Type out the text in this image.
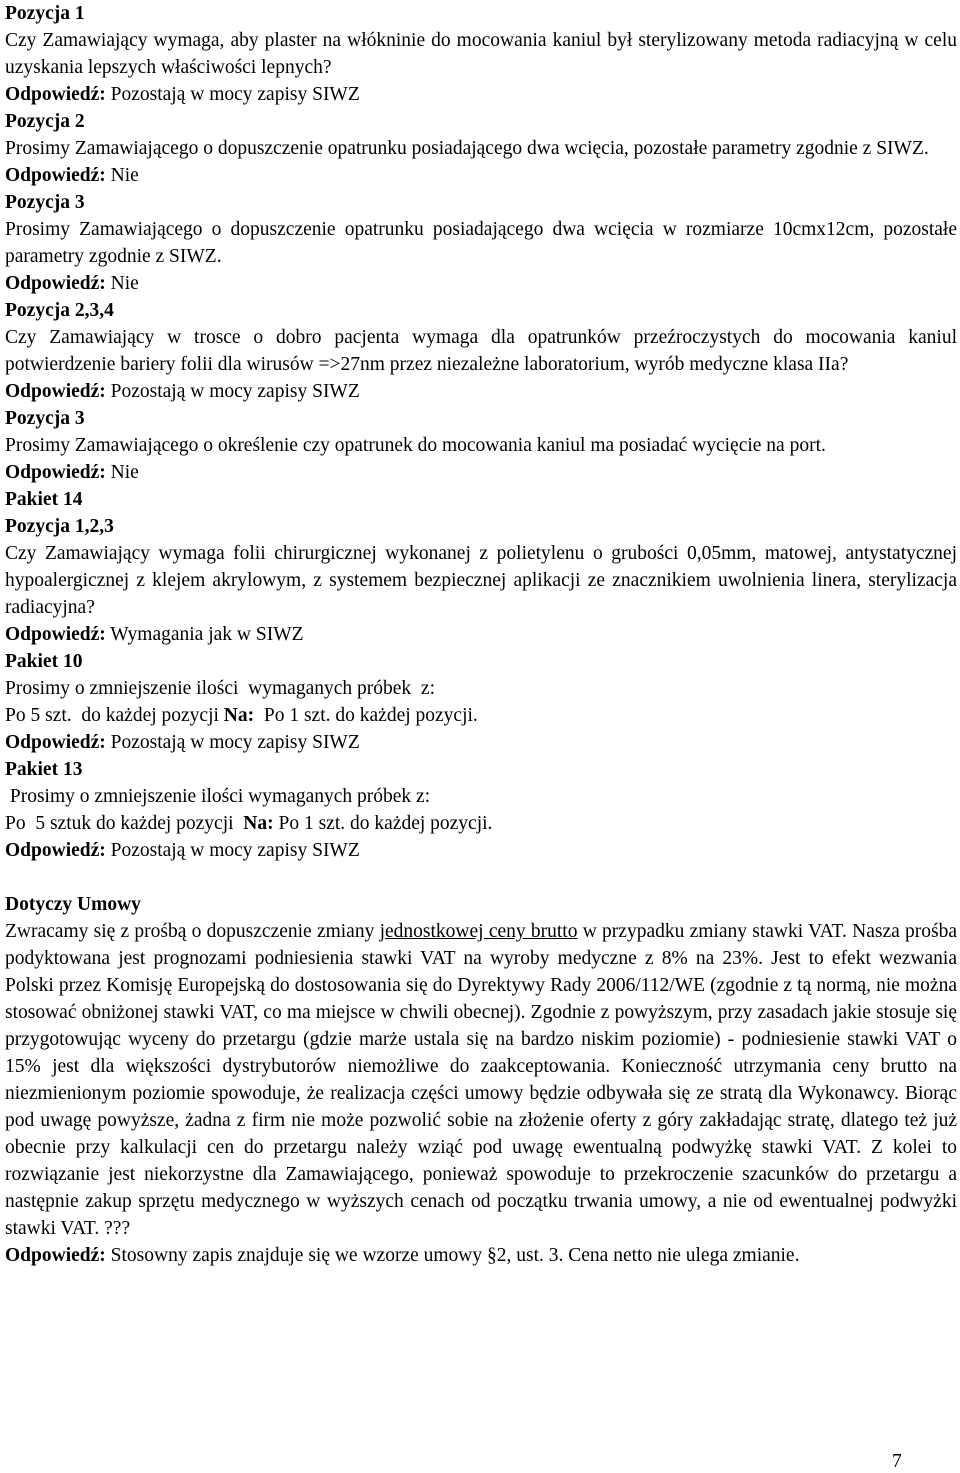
Pozycja 1
Czy Zamawiający wymaga, aby plaster na włókninie do mocowania kaniul był sterylizowany metoda radiacyjną w celu uzyskania lepszych właściwości lepnych?
Odpowiedź: Pozostają w mocy zapisy SIWZ
Pozycja 2
Prosimy Zamawiającego o dopuszczenie opatrunku posiadającego dwa wcięcia, pozostałe parametry zgodnie z SIWZ.
Odpowiedź: Nie
Pozycja 3
Prosimy Zamawiającego o dopuszczenie opatrunku posiadającego dwa wcięcia w rozmiarze 10cmx12cm, pozostałe parametry zgodnie z SIWZ.
Odpowiedź: Nie
Pozycja 2,3,4
Czy Zamawiający w trosce o dobro pacjenta wymaga dla opatrunków przeźroczystych do mocowania kaniul potwierdzenie bariery folii dla wirusów =>27nm przez niezależne laboratorium, wyrób medyczne klasa IIa?
Odpowiedź: Pozostają w mocy zapisy SIWZ
Pozycja 3
Prosimy Zamawiającego o określenie czy opatrunek do mocowania kaniul ma posiadać wycięcie na port.
Odpowiedź: Nie
Pakiet 14
Pozycja 1,2,3
Czy Zamawiający wymaga folii chirurgicznej wykonanej z polietylenu o grubości 0,05mm, matowej, antystatycznej hypoalergicznej z klejem akrylowym, z systemem bezpiecznej aplikacji ze znacznikiem uwolnienia linera, sterylizacja radiacyjna?
Odpowiedź: Wymagania jak w SIWZ
Pakiet 10
Prosimy o zmniejszenie ilości  wymaganych próbek  z:
Po 5 szt.  do każdej pozycji Na:  Po 1 szt. do każdej pozycji.
Odpowiedź: Pozostają w mocy zapisy SIWZ
Pakiet 13
Prosimy o zmniejszenie ilości wymaganych próbek z:
Po  5 sztuk do każdej pozycji  Na: Po 1 szt. do każdej pozycji.
Odpowiedź: Pozostają w mocy zapisy SIWZ
Dotyczy Umowy
Zwracamy się z prośbą o dopuszczenie zmiany jednostkowej ceny brutto w przypadku zmiany stawki VAT. Nasza prośba podyktowana jest prognozami podniesienia stawki VAT na wyroby medyczne z 8% na 23%. Jest to efekt wezwania Polski przez Komisję Europejską do dostosowania się do Dyrektywy Rady 2006/112/WE (zgodnie z tą normą, nie można stosować obniżonej stawki VAT, co ma miejsce w chwili obecnej). Zgodnie z powyższym, przy zasadach jakie stosuje się przygotowując wyceny do przetargu (gdzie marże ustala się na bardzo niskim poziomie) - podniesienie stawki VAT o 15% jest dla większości dystrybutorów niemożliwe do zaakceptowania. Konieczność utrzymania ceny brutto na niezmienionym poziomie spowoduje, że realizacja części umowy będzie odbywała się ze stratą dla Wykonawcy. Biorąc pod uwagę powyższe, żadna z firm nie może pozwolić sobie na złożenie oferty z góry zakładając stratę, dlatego też już obecnie przy kalkulacji cen do przetargu należy wziąć pod uwagę ewentualną podwyżkę stawki VAT. Z kolei to rozwiązanie jest niekorzystne dla Zamawiającego, ponieważ spowoduje to przekroczenie szacunków do przetargu a następnie zakup sprzętu medycznego w wyższych cenach od początku trwania umowy, a nie od ewentualnej podwyżki stawki VAT. ???
Odpowiedź: Stosowny zapis znajduje się we wzorze umowy §2, ust. 3. Cena netto nie ulega zmianie.
7
